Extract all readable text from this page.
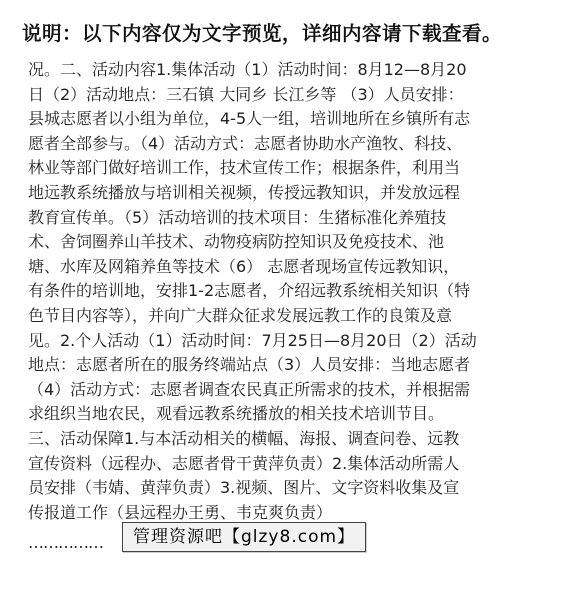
说明：以下内容仅为文字预览，详细内容请下载查看。
况。二、活动内容1.集体活动（1）活动时间：8月12—8月20
日（2）活动地点：三石镇 大同乡 长江乡等 （3）人员安排：
县城志愿者以小组为单位，4-5人一组，培训地所在乡镇所有志
愿者全部参与。（4）活动方式：志愿者协助水产渔牧、科技、
林业等部门做好培训工作，技术宣传工作；根据条件，利用当
地远教系统播放与培训相关视频，传授远教知识，并发放远程
教育宣传单。（5）活动培训的技术项目：生猪标准化养殖技
术、舍饲圈养山羊技术、动物疫病防控知识及免疫技术、池
塘、水库及网箱养鱼等技术（6） 志愿者现场宣传远教知识，
有条件的培训地，安排1-2志愿者，介绍远教系统相关知识（特
色节目内容等），并向广大群众征求发展远教工作的良策及意
见。2.个人活动（1）活动时间：7月25日—8月20日（2）活动
地点：志愿者所在的服务终端站点（3）人员安排：当地志愿者
（4）活动方式：志愿者调查农民真正所需求的技术，并根据需
求组织当地农民，观看远教系统播放的相关技术培训节目。
三、活动保障1.与本活动相关的横幅、海报、调查问卷、远教
宣传资料（远程办、志愿者骨干黄萍负责）2.集体活动所需人
员安排（韦婧、黄萍负责）3.视频、图片、文字资料收集及宣
传报道工作（县远程办王勇、韦克爽负责）
……………	管理资源吧【glzy8.com】
